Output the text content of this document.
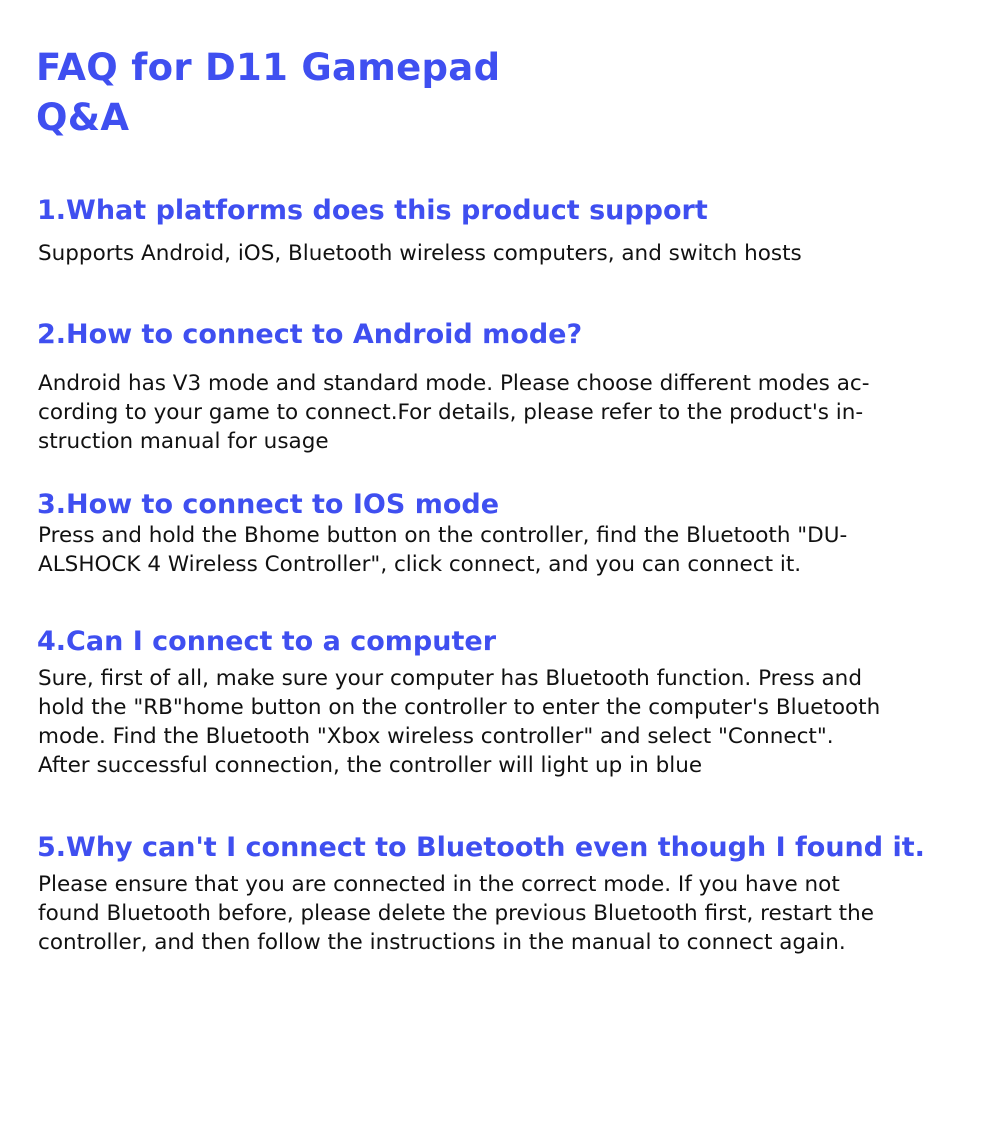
FAQ for D11 Gamepad
Q&A
1.What platforms does this product support
Supports Android, iOS, Bluetooth wireless computers, and switch hosts
2.How to connect to Android mode?
Android has V3 mode and standard mode. Please choose different modes ac-
cording to your game to connect.For details, please refer to the product's in-
struction manual for usage
3.How to connect to IOS mode
Press and hold the Bhome button on the controller, find the Bluetooth "DU-
ALSHOCK 4 Wireless Controller", click connect, and you can connect it.
4.Can I connect to a computer
Sure, first of all, make sure your computer has Bluetooth function. Press and
hold the "RB"home button on the controller to enter the computer's Bluetooth
mode. Find the Bluetooth "Xbox wireless controller" and select "Connect".
After successful connection, the controller will light up in blue
5.Why can't I connect to Bluetooth even though I found it.
Please ensure that you are connected in the correct mode. If you have not
found Bluetooth before, please delete the previous Bluetooth first, restart the
controller, and then follow the instructions in the manual to connect again.
